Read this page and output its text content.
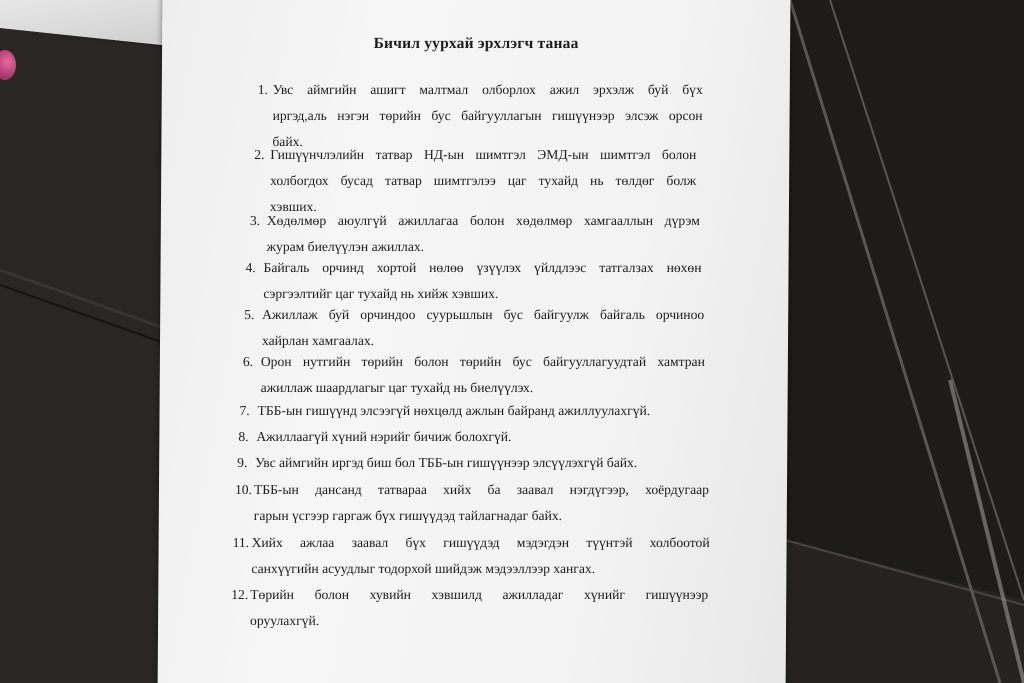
Бичил уурхай эрхлэгч танаа
1. Увс аймгийн ашигт малтмал олборлох ажил эрхэлж буй бүх
иргэд,аль нэгэн төрийн бус байгууллагын гишүүнээр элсэж орсон
байх.
2. Гишүүнчлэлийн татвар НД-ын шимтгэл ЭМД-ын шимтгэл болон
холбогдох бусад татвар шимтгэлээ цаг тухайд нь төлдөг болж
хэвших.
3. Хөдөлмөр аюулгүй ажиллагаа болон хөдөлмөр хамгааллын дүрэм
журам биелүүлэн ажиллах.
4. Байгаль орчинд хортой нөлөө үзүүлэх үйлдлээс татгалзах нөхөн
сэргээлтийг цаг тухайд нь хийж хэвших.
5. Ажиллаж буй орчиндоо суурьшлын бус байгуулж байгаль орчиноо
хайрлан хамгаалах.
6. Орон нутгийн төрийн болон төрийн бус байгууллагуудтай хамтран
ажиллаж шаардлагыг цаг тухайд нь биелүүлэх.
7. ТББ-ын гишүүнд элсээгүй нөхцөлд ажлын байранд ажиллуулахгүй.
8. Ажиллаагүй хүний нэрийг бичиж болохгүй.
9. Увс аймгийн иргэд биш бол ТББ-ын гишүүнээр элсүүлэхгүй байх.
10. ТББ-ын дансанд татвараа хийх ба заавал нэгдүгээр, хоёрдугаар
гарын үсгээр гаргаж бүх гишүүдэд тайлагнадаг байх.
11. Хийх ажлаа заавал бүх гишүүдэд мэдэгдэн түүнтэй холбоотой
санхүүгийн асуудлыг тодорхой шийдэж мэдээллээр хангах.
12. Төрийн болон хувийн хэвшилд ажилладаг хүнийг гишүүнээр
оруулахгүй.
